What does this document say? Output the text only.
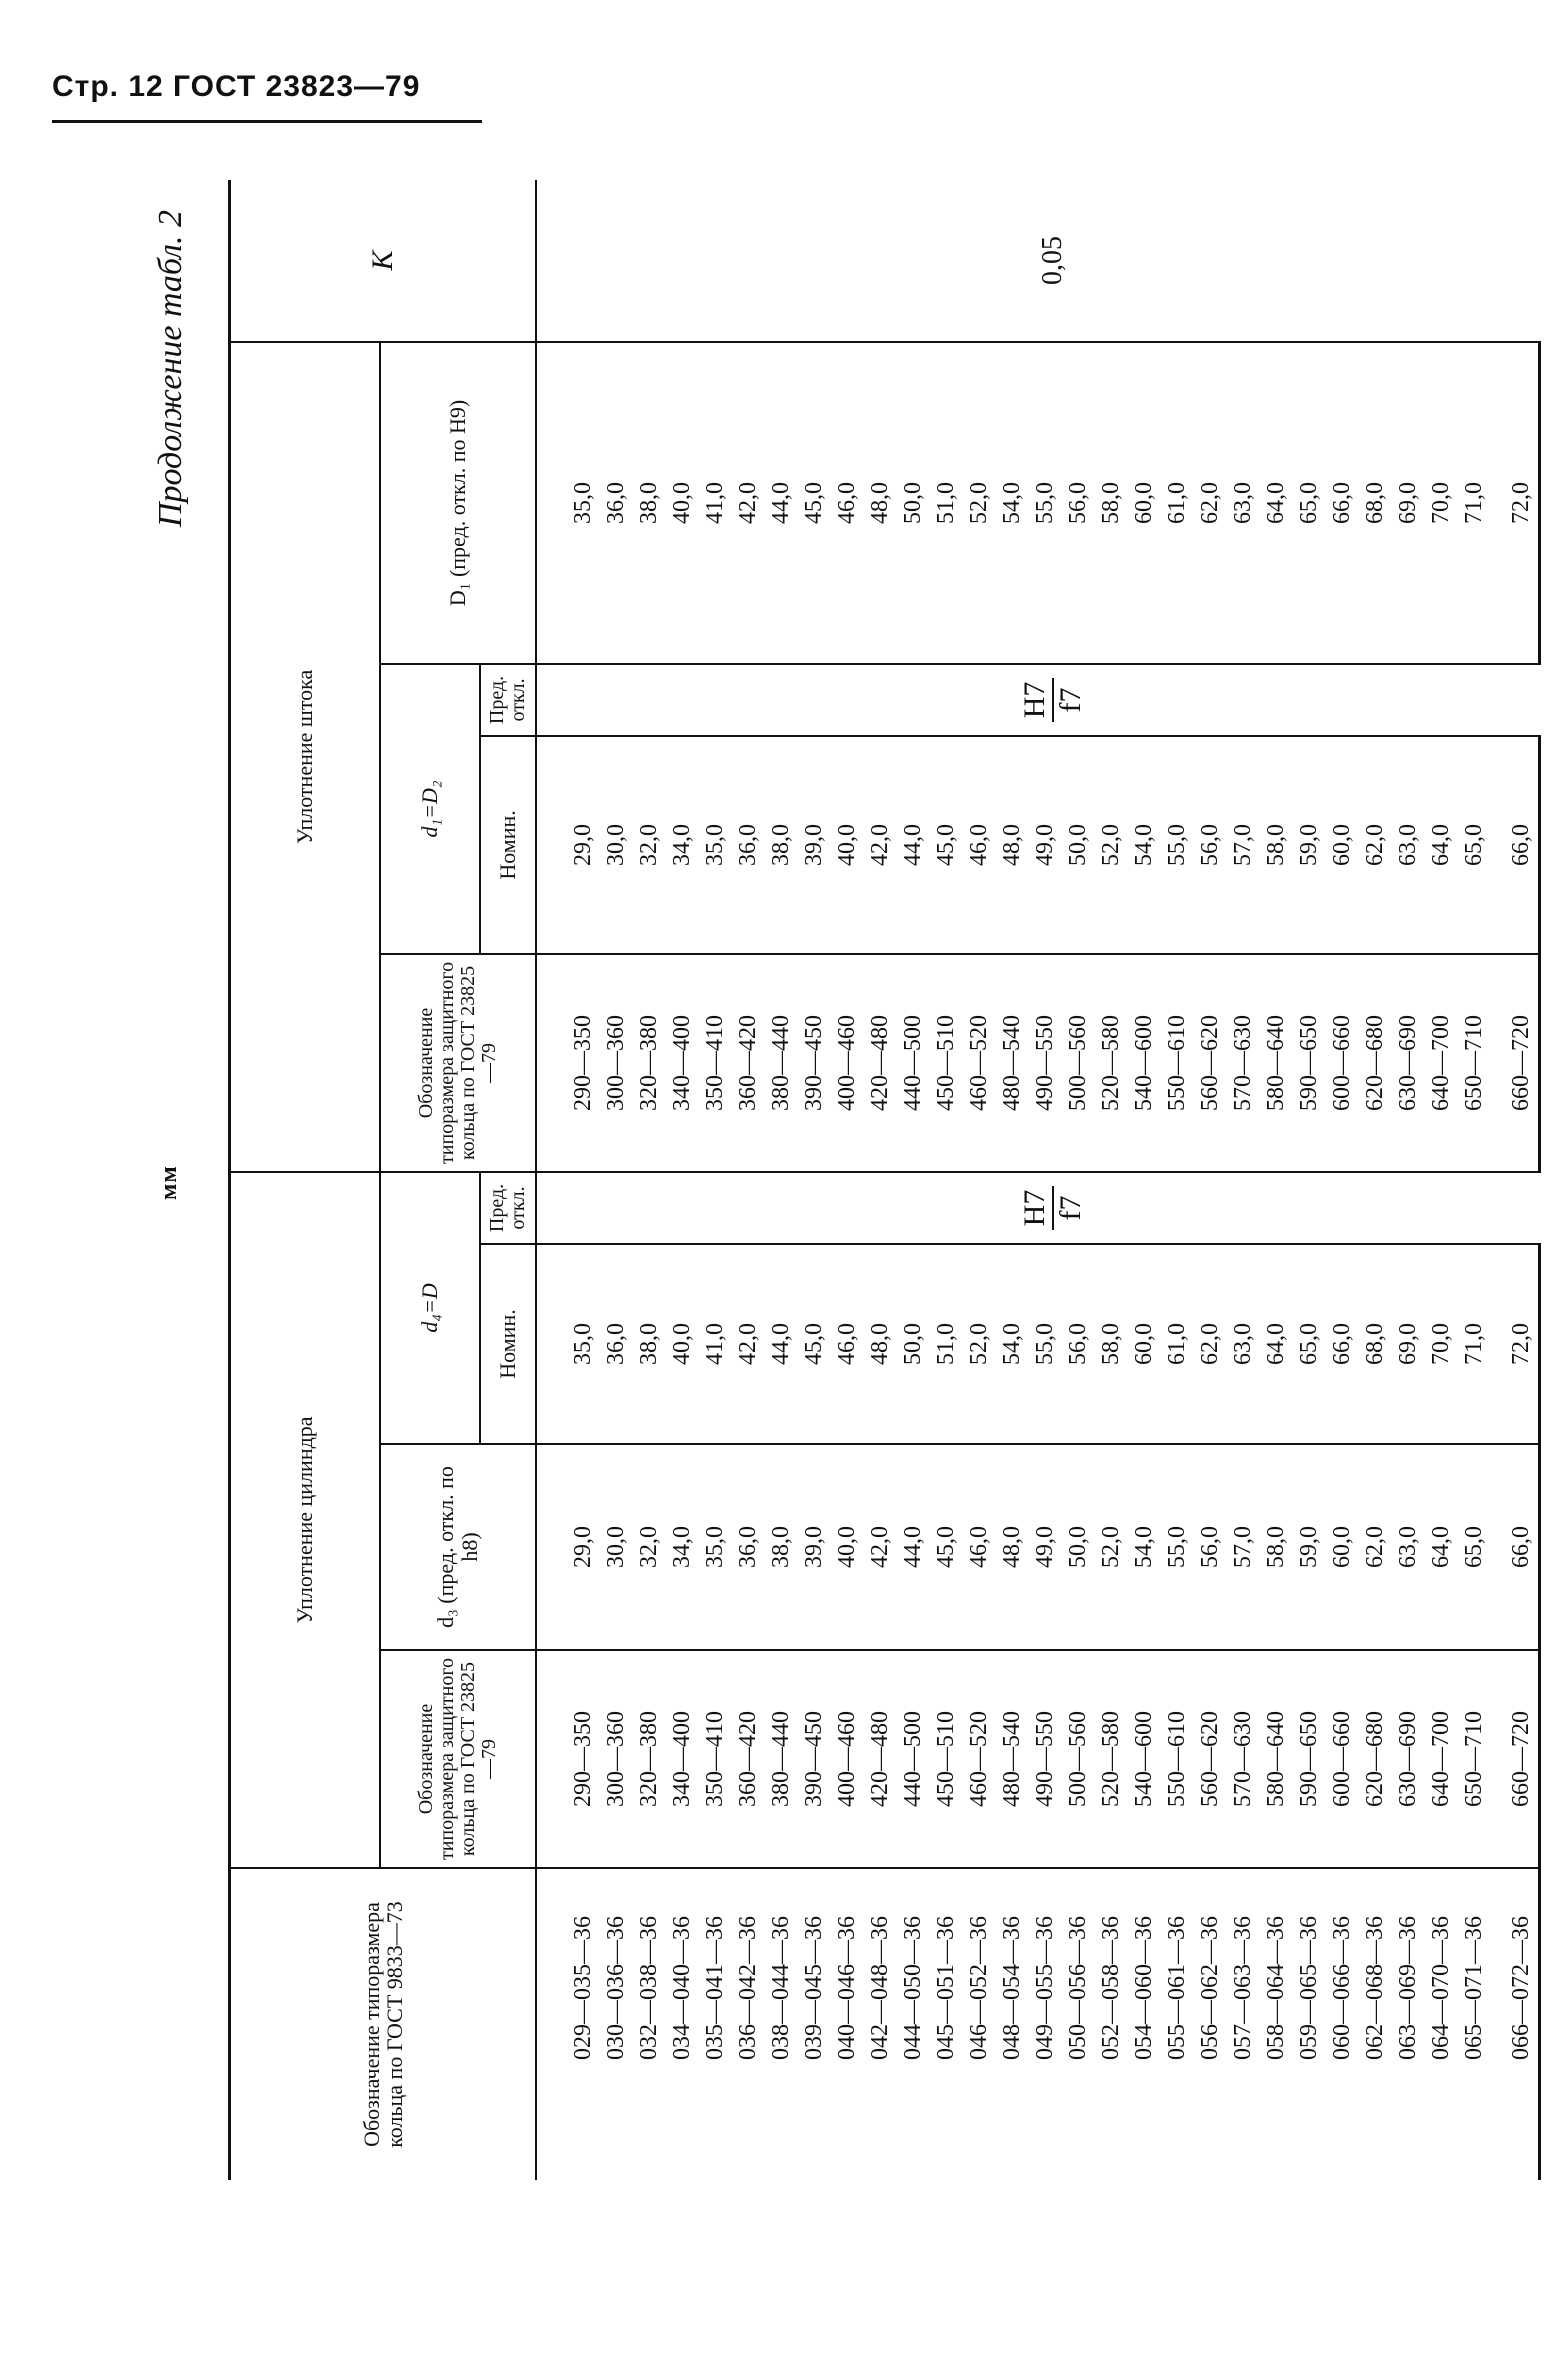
Стр. 12 ГОСТ 23823—79
мм
Продолжение табл. 2
Обозначение типоразмера кольца по ГОСТ 9833—73	Уплотнение цилиндра				Уплотнение штока				K
	Обозначение типоразмера защитного кольца по ГОСТ 23825—79	d₃ (пред. откл. по h8)	d₄=D		Обозначение типоразмера защитного кольца по ГОСТ 23825—79	d₁=D₂		D₁ (пред. откл. по H9)	
			Номин.	Пред. откл.		Номин.	Пред. откл.		
029—035—36	290—350	29,0	35,0	H7 f7	290—350	29,0	H7 f7	35,0	0,05
030—036—36	300—360	30,0	36,0		300—360	30,0		36,0	
032—038—36	320—380	32,0	38,0		320—380	32,0		38,0	
034—040—36	340—400	34,0	40,0		340—400	34,0		40,0	
035—041—36	350—410	35,0	41,0		350—410	35,0		41,0	
036—042—36	360—420	36,0	42,0		360—420	36,0		42,0	
038—044—36	380—440	38,0	44,0		380—440	38,0		44,0	
039—045—36	390—450	39,0	45,0		390—450	39,0		45,0	
040—046—36	400—460	40,0	46,0		400—460	40,0		46,0	
042—048—36	420—480	42,0	48,0		420—480	42,0		48,0	
044—050—36	440—500	44,0	50,0		440—500	44,0		50,0	
045—051—36	450—510	45,0	51,0		450—510	45,0		51,0	
046—052—36	460—520	46,0	52,0		460—520	46,0		52,0	
048—054—36	480—540	48,0	54,0		480—540	48,0		54,0	
049—055—36	490—550	49,0	55,0		490—550	49,0		55,0	
050—056—36	500—560	50,0	56,0		500—560	50,0		56,0	
052—058—36	520—580	52,0	58,0		520—580	52,0		58,0	
054—060—36	540—600	54,0	60,0		540—600	54,0		60,0	
055—061—36	550—610	55,0	61,0		550—610	55,0		61,0	
056—062—36	560—620	56,0	62,0		560—620	56,0		62,0	
057—063—36	570—630	57,0	63,0		570—630	57,0		63,0	
058—064—36	580—640	58,0	64,0		580—640	58,0		64,0	
059—065—36	590—650	59,0	65,0		590—650	59,0		65,0	
060—066—36	600—660	60,0	66,0		600—660	60,0		66,0	
062—068—36	620—680	62,0	68,0		620—680	62,0		68,0	
063—069—36	630—690	63,0	69,0		630—690	63,0		69,0	
064—070—36	640—700	64,0	70,0		640—700	64,0		70,0	
065—071—36	650—710	65,0	71,0		650—710	65,0		71,0	
066—072—36	660—720	66,0	72,0		660—720	66,0		72,0	
